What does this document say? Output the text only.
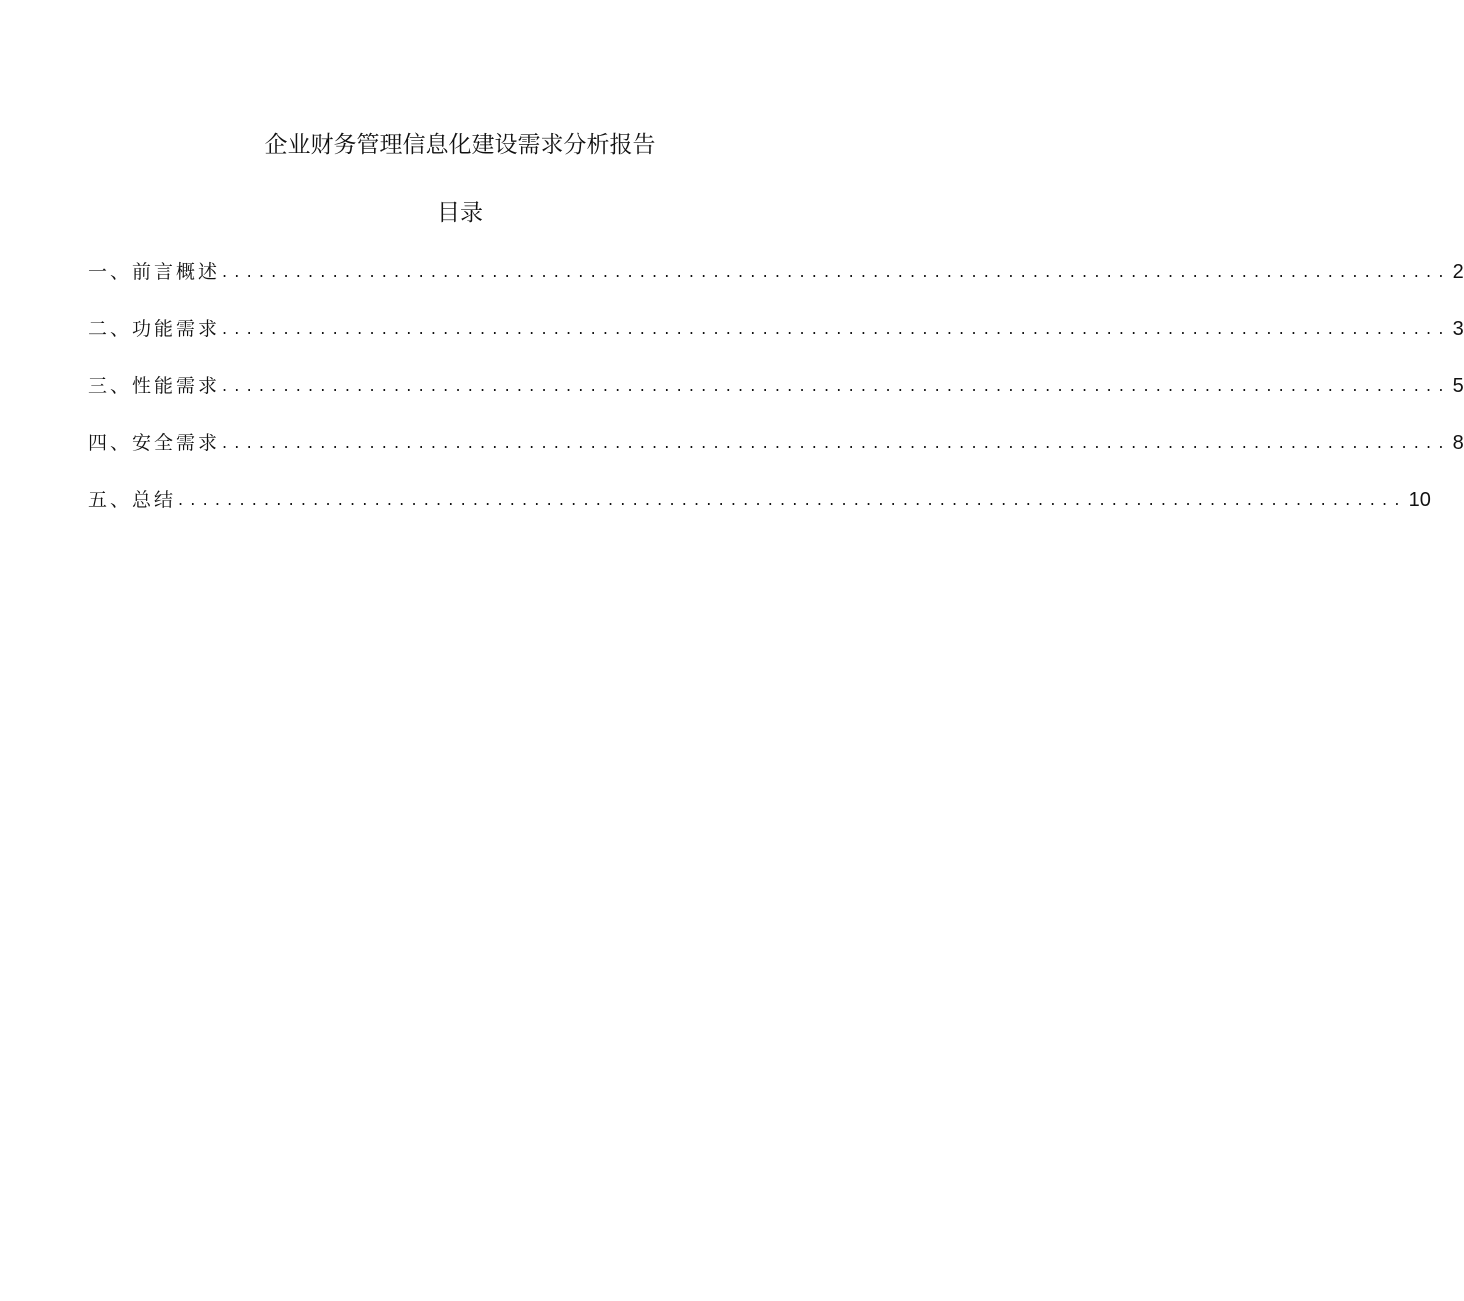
企业财务管理信息化建设需求分析报告
目录
一、前言概述 .................................................................................................... 2
二、功能需求 .................................................................................................... 3
三、性能需求 .................................................................................................... 5
四、安全需求 .................................................................................................... 8
五、总结 .................................................................................................... 10
